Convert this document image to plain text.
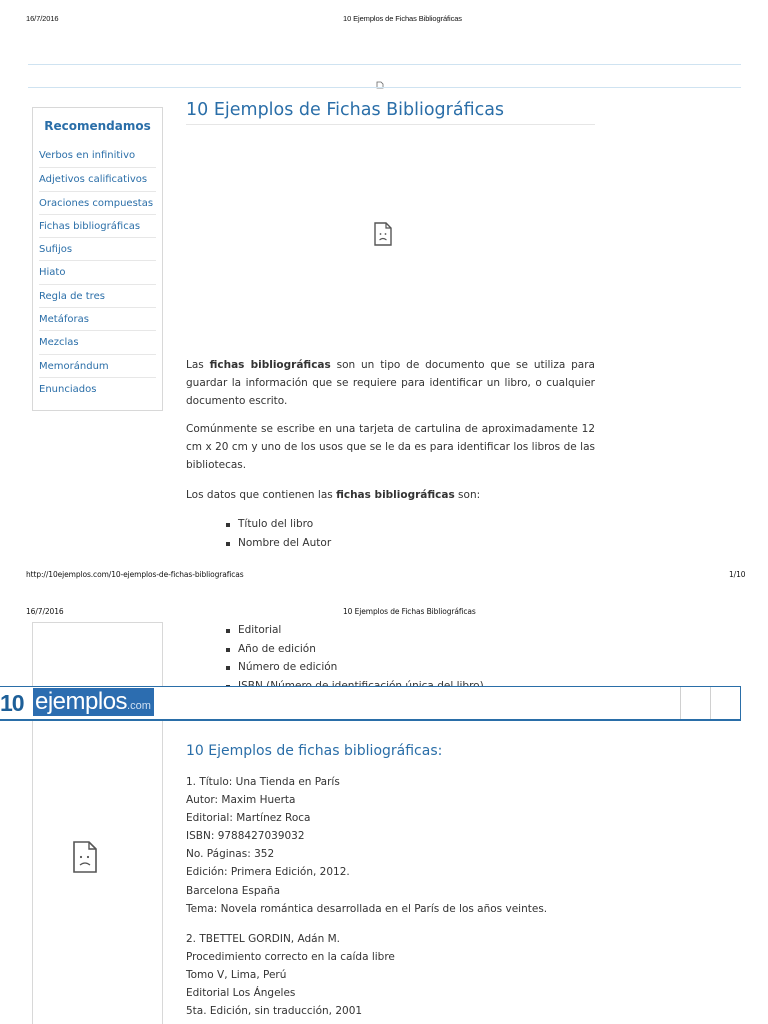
16/7/2016	10 Ejemplos de Fichas Bibliográficas
Recomendamos
Verbos en infinitivo
Adjetivos calificativos
Oraciones compuestas
Fichas bibliográficas
Sufijos
Hiato
Regla de tres
Metáforas
Mezclas
Memorándum
Enunciados
10 Ejemplos de Fichas Bibliográficas

Las fichas bibliográficas son un tipo de documento que se utiliza para guardar la información que se requiere para identificar un libro, o cualquier documento escrito.

Comúnmente se escribe en una tarjeta de cartulina de aproximadamente 12 cm x 20 cm y uno de los usos que se le da es para identificar los libros de las bibliotecas.

Los datos que contienen las fichas bibliográficas son:

Título del libro
Nombre del Autor
http://10ejemplos.com/10-ejemplos-de-fichas-bibliograficas	1/10
16/7/2016	10 Ejemplos de Fichas Bibliográficas
Editorial
Año de edición
Número de edición
10 ejemplos.com
10 Ejemplos de fichas bibliográficas:
1. Título: Una Tienda en París
Autor: Maxim Huerta
Editorial: Martínez Roca
ISBN: 9788427039032
No. Páginas: 352
Edición: Primera Edición, 2012.
Barcelona España
Tema: Novela romántica desarrollada en el París de los años veintes.
2. TBETTEL GORDIN, Adán M.
Procedimiento correcto en la caída libre
Tomo V, Lima, Perú
Editorial Los Ángeles
5ta. Edición, sin traducción, 2001
